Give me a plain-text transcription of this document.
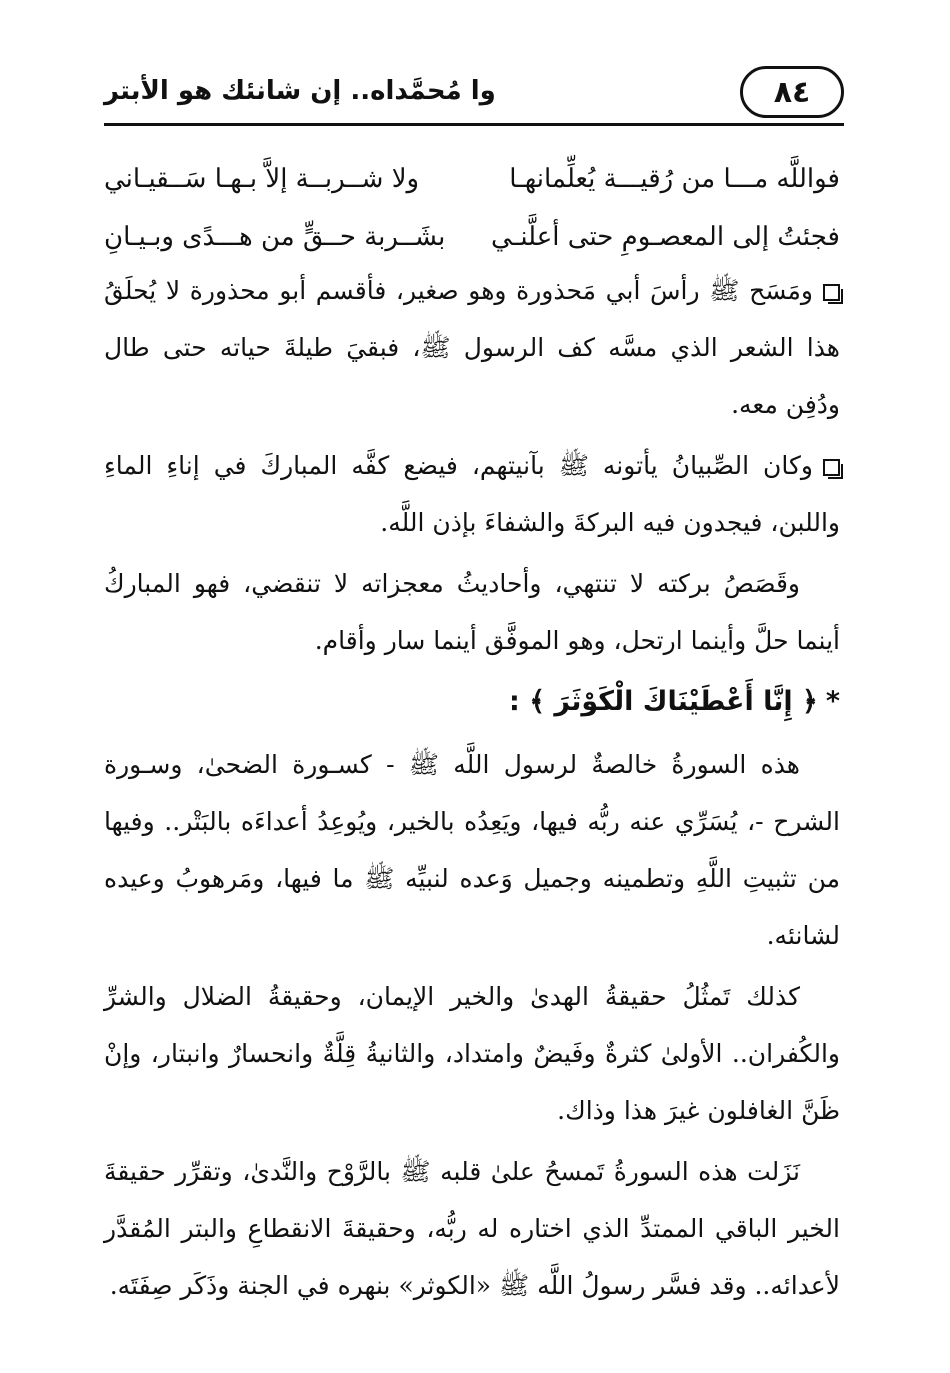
٨٤
وا مُحمَّداه.. إن شانئك هو الأبتر
فواللَّه مـــا من رُقيـــة يُعلِّمانهـا
ولا شــربــة إلاَّ بـهـا سَــقيـاني
فجئتُ إلى المعصـومِ حتى أعلَّنـي
بشَــربة حــقٍّ من هـــدًى وبـيـانِ

ومَسَح ﷺ رأسَ أبي مَحذورة وهو صغير، فأقسم أبو محذورة لا يُحلَقُ هذا الشعر الذي مسَّه كف الرسول ﷺ، فبقيَ طيلةَ حياته حتى طال ودُفِن معه.

وكان الصِّبيانُ يأتونه ﷺ بآنيتهم، فيضع كفَّه المباركَ في إناءِ الماءِ واللبن، فيجدون فيه البركةَ والشفاءَ بإذن اللَّه.

وقَصَصُ بركته لا تنتهي، وأحاديثُ معجزاته لا تنقضي، فهو المباركُ أينما حلَّ وأينما ارتحل، وهو الموفَّق أينما سار وأقام.

*﴿ إِنَّا أَعْطَيْنَاكَ الْكَوْثَرَ ﴾ :

هذه السورةُ خالصةٌ لرسول اللَّه ﷺ - كسـورة الضحىٰ، وسـورة الشرح -، يُسَرِّي عنه ربُّه فيها، ويَعِدُه بالخير، ويُوعِدُ أعداءَه بالبَتْر.. وفيها من تثبيتِ اللَّهِ وتطمينه وجميل وَعده لنبيِّه ﷺ ما فيها، ومَرهوبُ وعيده لشانئه.

كذلك تَمثُلُ حقيقةُ الهدىٰ والخير الإيمان، وحقيقةُ الضلال والشرِّ والكُفران.. الأولىٰ كثرةٌ وفَيضٌ وامتداد، والثانيةُ قِلَّةٌ وانحسارٌ وانبتار، وإنْ ظَنَّ الغافلون غيرَ هذا وذاك.

نَزَلت هذه السورةُ تَمسحُ علىٰ قلبه ﷺ بالرَّوْح والنَّدىٰ، وتقرِّر حقيقةَ الخير الباقي الممتدِّ الذي اختاره له ربُّه، وحقيقةَ الانقطاعِ والبتر المُقدَّر لأعدائه.. وقد فسَّر رسولُ اللَّه ﷺ «الكوثر» بنهره في الجنة وذَكَر صِفَتَه.
